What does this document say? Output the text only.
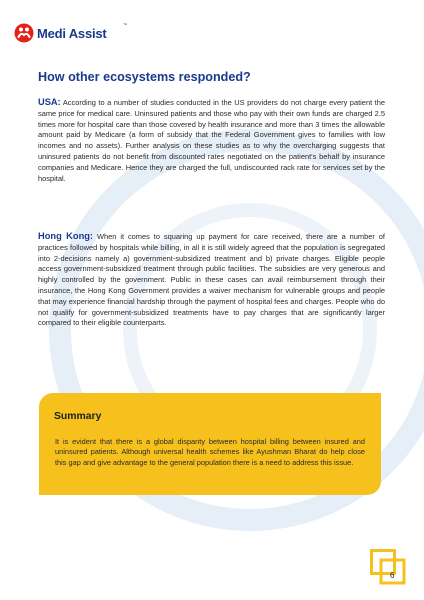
Medi Assist
™
How other ecosystems responded?

USA: According to a number of studies conducted in the US providers do not charge every patient the same price for medical care. Uninsured patients and those who pay with their own funds are charged 2.5 times more for hospital care than those covered by health insurance and more than 3 times the allowable amount paid by Medicare (a form of subsidy that the Federal Government gives to families with low incomes and no assets). Further analysis on these studies as to why the overcharging suggests that uninsured patients do not benefit from discounted rates negotiated on the patient's behalf by insurance companies and Medicare. Hence they are charged the full, undiscounted rack rate for services set by the hospital.

Hong Kong: When it comes to squaring up payment for care received, there are a number of practices followed by hospitals while billing, in all it is still widely agreed that the population is segregated into 2-decisions namely a) government-subsidized treatment and b) private charges. Eligible people access government-subsidized treatment through public facilities. The subsidies are very generous and highly controlled by the government. Public in these cases can avail reimbursement through their insurance, the Hong Kong Government provides a waiver mechanism for vulnerable groups and people that may experience financial hardship through the payment of hospital fees and charges. People who do not qualify for government-subsidized treatments have to pay charges that are significantly larger compared to their eligible counterparts.

Summary

It is evident that there is a global disparity between hospital billing between insured and uninsured patients. Although universal health schemes like Ayushman Bharat do help close this gap and give advantage to the general population there is a need to address this issue.

6
